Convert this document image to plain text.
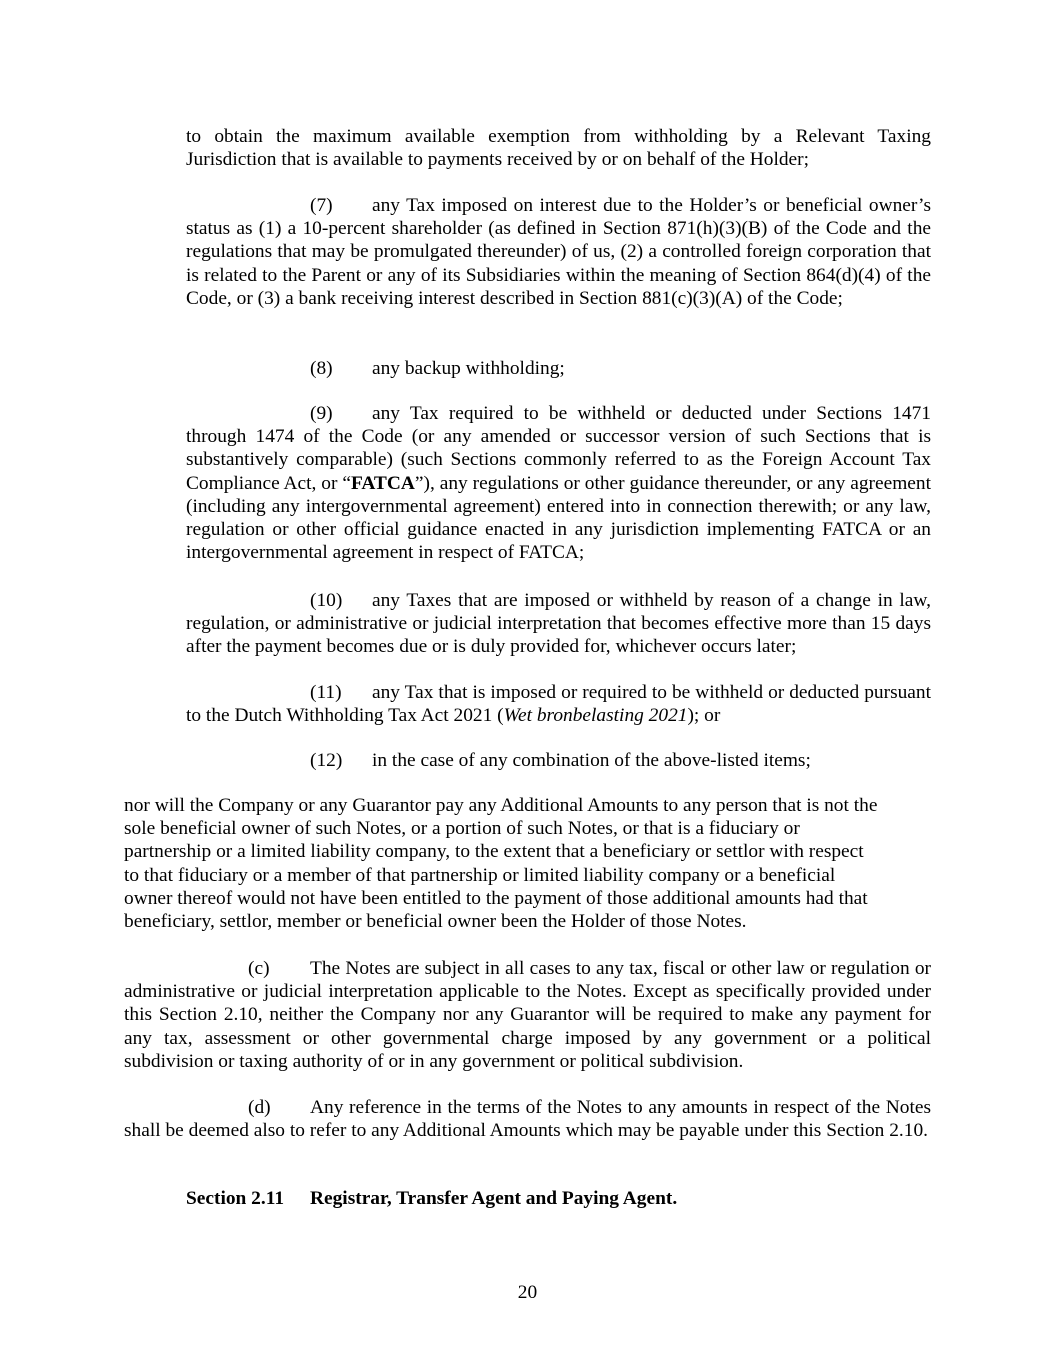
to obtain the maximum available exemption from withholding by a Relevant Taxing Jurisdiction that is available to payments received by or on behalf of the Holder;

(7) any Tax imposed on interest due to the Holder’s or beneficial owner’s status as (1) a 10-percent shareholder (as defined in Section 871(h)(3)(B) of the Code and the regulations that may be promulgated thereunder) of us, (2) a controlled foreign corporation that is related to the Parent or any of its Subsidiaries within the meaning of Section 864(d)(4) of the Code, or (3) a bank receiving interest described in Section 881(c)(3)(A) of the Code;

(8) any backup withholding;

(9) any Tax required to be withheld or deducted under Sections 1471 through 1474 of the Code (or any amended or successor version of such Sections that is substantively comparable) (such Sections commonly referred to as the Foreign Account Tax Compliance Act, or “FATCA”), any regulations or other guidance thereunder, or any agreement (including any intergovernmental agreement) entered into in connection therewith; or any law, regulation or other official guidance enacted in any jurisdiction implementing FATCA or an intergovernmental agreement in respect of FATCA;

(10) any Taxes that are imposed or withheld by reason of a change in law, regulation, or administrative or judicial interpretation that becomes effective more than 15 days after the payment becomes due or is duly provided for, whichever occurs later;

(11) any Tax that is imposed or required to be withheld or deducted pursuant to the Dutch Withholding Tax Act 2021 (Wet bronbelasting 2021); or

(12) in the case of any combination of the above-listed items;

nor will the Company or any Guarantor pay any Additional Amounts to any person that is not the
sole beneficial owner of such Notes, or a portion of such Notes, or that is a fiduciary or
partnership or a limited liability company, to the extent that a beneficiary or settlor with respect
to that fiduciary or a member of that partnership or limited liability company or a beneficial
owner thereof would not have been entitled to the payment of those additional amounts had that
beneficiary, settlor, member or beneficial owner been the Holder of those Notes.

(c) The Notes are subject in all cases to any tax, fiscal or other law or regulation or administrative or judicial interpretation applicable to the Notes. Except as specifically provided under this Section 2.10, neither the Company nor any Guarantor will be required to make any payment for any tax, assessment or other governmental charge imposed by any government or a political subdivision or taxing authority of or in any government or political subdivision.

(d) Any reference in the terms of the Notes to any amounts in respect of the Notes shall be deemed also to refer to any Additional Amounts which may be payable under this Section 2.10.

Section 2.11 Registrar, Transfer Agent and Paying Agent.
20
